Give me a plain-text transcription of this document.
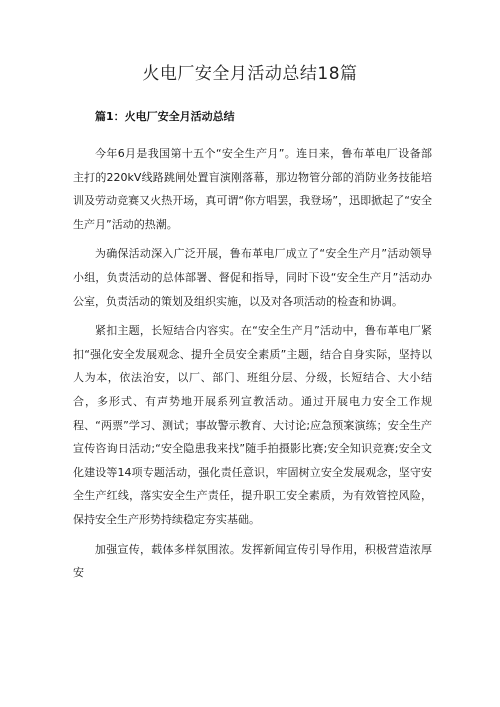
火电厂安全月活动总结18篇
篇1：火电厂安全月活动总结

今年6月是我国第十五个“安全生产月”。连日来，鲁布革电厂设备部主打的220kV线路跳闸处置盲演刚落幕，那边物管分部的消防业务技能培训及劳动竞赛又火热开场，真可谓“你方唱罢，我登场”，迅即掀起了“安全生产月”活动的热潮。

为确保活动深入广泛开展，鲁布革电厂成立了“安全生产月”活动领导小组，负责活动的总体部署、督促和指导，同时下设“安全生产月”活动办公室，负责活动的策划及组织实施，以及对各项活动的检查和协调。

紧扣主题，长短结合内容实。在“安全生产月”活动中，鲁布革电厂紧扣“强化安全发展观念、提升全员安全素质”主题，结合自身实际，坚持以人为本，依法治安，以厂、部门、班组分层、分级，长短结合、大小结合，多形式、有声势地开展系列宣教活动。通过开展电力安全工作规程、“两票”学习、测试；事故警示教育、大讨论;应急预案演练；安全生产宣传咨询日活动;“安全隐患我来找”随手拍摄影比赛;安全知识竞赛;安全文化建设等14项专题活动，强化责任意识，牢固树立安全发展观念，坚守安全生产红线，落实安全生产责任，提升职工安全素质，为有效管控风险，保持安全生产形势持续稳定夯实基础。

加强宣传，载体多样氛围浓。发挥新闻宣传引导作用，积极营造浓厚安
